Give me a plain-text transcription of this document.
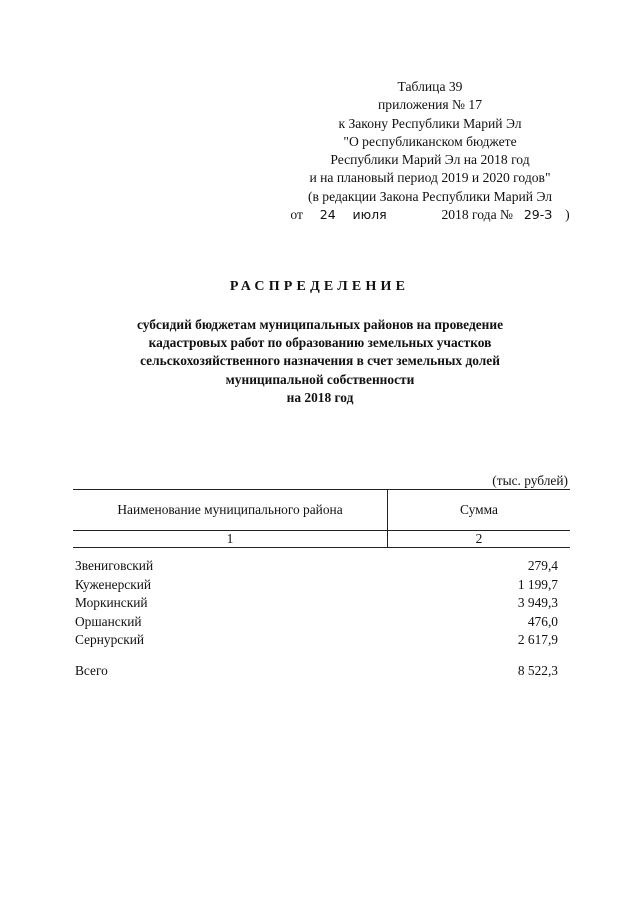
Таблица 39
приложения № 17
к Закону Республики Марий Эл
"О республиканском бюджете
Республики Марий Эл на 2018 год
и на плановый период 2019 и 2020 годов"
(в редакции Закона Республики Марий Эл
от 24 июля	2018 года № 29-З )
РАСПРЕДЕЛЕНИЕ
субсидий бюджетам муниципальных районов на проведение
кадастровых работ по образованию земельных участков
сельскохозяйственного назначения в счет земельных долей
муниципальной собственности
на 2018 год
(тыс. рублей)
Наименование муниципального района	Сумма
1	2
Звениговский	279,4
Куженерский	1 199,7
Моркинский	3 949,3
Оршанский	476,0
Сернурский	2 617,9
Всего	8 522,3
